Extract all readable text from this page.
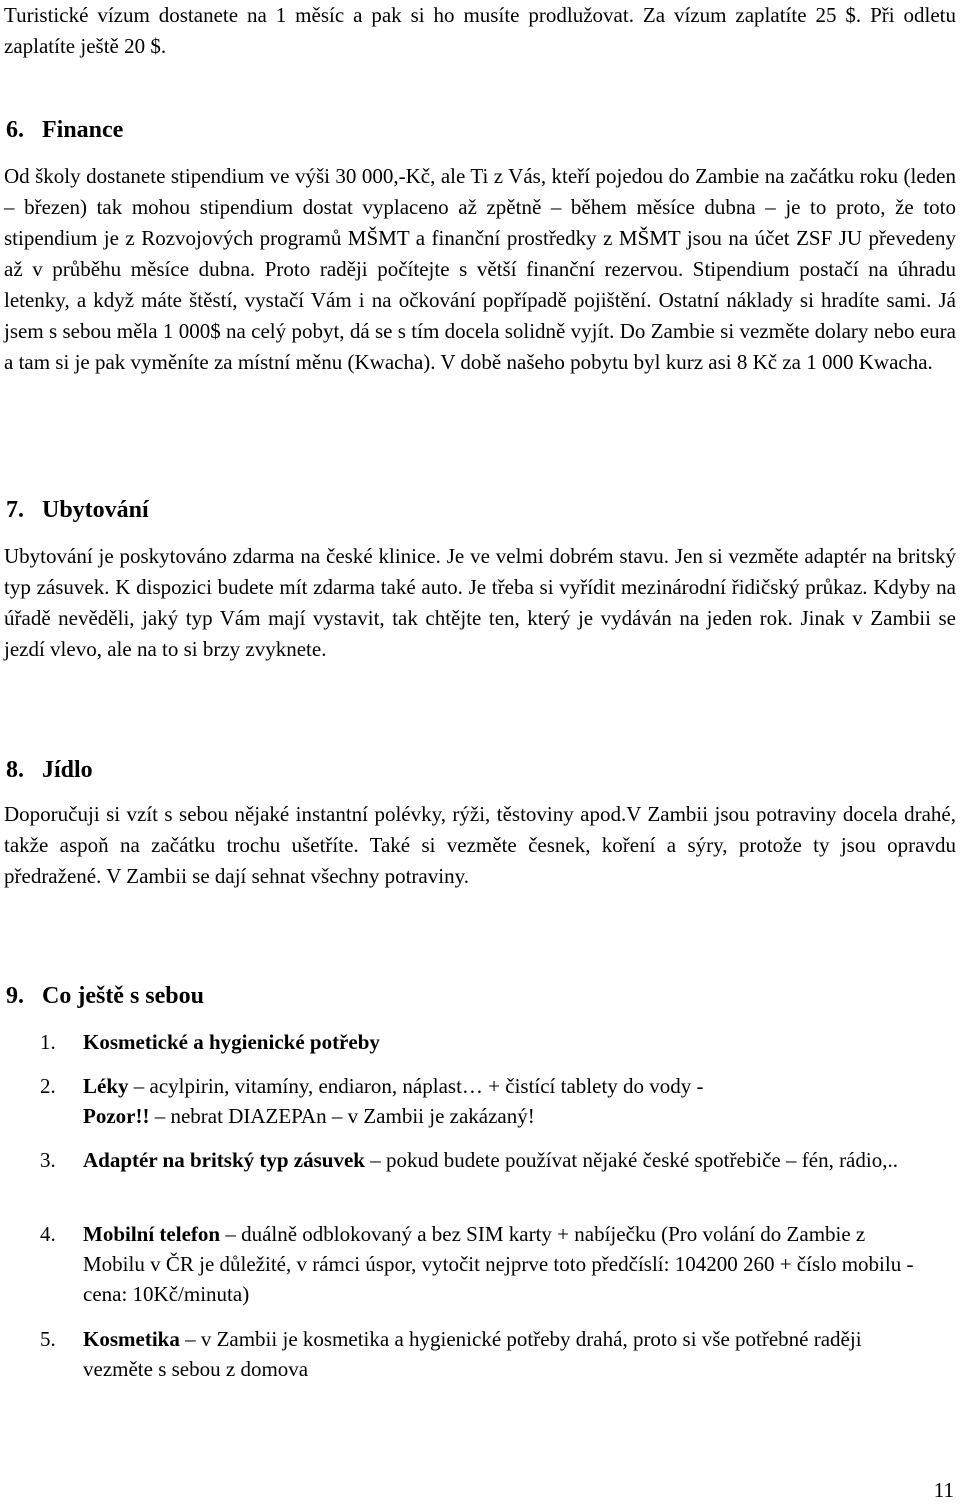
Turistické vízum dostanete na 1 měsíc a pak si ho musíte prodlužovat. Za vízum zaplatíte 25 $. Při odletu zaplatíte ještě 20 $.

6. Finance

Od školy dostanete stipendium ve výši 30 000,-Kč, ale Ti z Vás, kteří pojedou do Zambie na začátku roku (leden – březen) tak mohou stipendium dostat vyplaceno až zpětně – během měsíce dubna – je to proto, že toto stipendium je z Rozvojových programů MŠMT a finanční prostředky z MŠMT jsou na účet ZSF JU převedeny až v průběhu měsíce dubna. Proto raději počítejte s větší finanční rezervou. Stipendium postačí na úhradu letenky, a když máte štěstí, vystačí Vám i na očkování popřípadě pojištění. Ostatní náklady si hradíte sami. Já jsem s sebou měla 1 000$ na celý pobyt, dá se s tím docela solidně vyjít. Do Zambie si vezměte dolary nebo eura a tam si je pak vyměníte za místní měnu (Kwacha). V době našeho pobytu byl kurz asi 8 Kč za 1 000 Kwacha.

7. Ubytování

Ubytování je poskytováno zdarma na české klinice. Je ve velmi dobrém stavu. Jen si vezměte adaptér na britský typ zásuvek. K dispozici budete mít zdarma také auto. Je třeba si vyřídit mezinárodní řidičský průkaz. Kdyby na úřadě nevěděli, jaký typ Vám mají vystavit, tak chtějte ten, který je vydáván na jeden rok. Jinak v Zambii se jezdí vlevo, ale na to si brzy zvyknete.

8. Jídlo

Doporučuji si vzít s sebou nějaké instantní polévky, rýži, těstoviny apod.V Zambii jsou potraviny docela drahé, takže aspoň na začátku trochu ušetříte. Také si vezměte česnek, koření a sýry, protože ty jsou opravdu předražené. V Zambii se dají sehnat všechny potraviny.

9. Co ještě s sebou
1.	Kosmetické a hygienické potřeby
2.	Léky – acylpirin, vitamíny, endiaron, náplast… + čistící tablety do vody -
Pozor!! – nebrat DIAZEPAn – v Zambii je zakázaný!
3.	Adaptér na britský typ zásuvek – pokud budete používat nějaké české spotřebiče – fén, rádio,..
4.	Mobilní telefon – duálně odblokovaný a bez SIM karty + nabíječku (Pro volání do Zambie z Mobilu v ČR je důležité, v rámci úspor, vytočit nejprve toto předčíslí: 104200 260 + číslo mobilu - cena: 10Kč/minuta)
5.	Kosmetika – v Zambii je kosmetika a hygienické potřeby drahá, proto si vše potřebné raději vezměte s sebou z domova
11
